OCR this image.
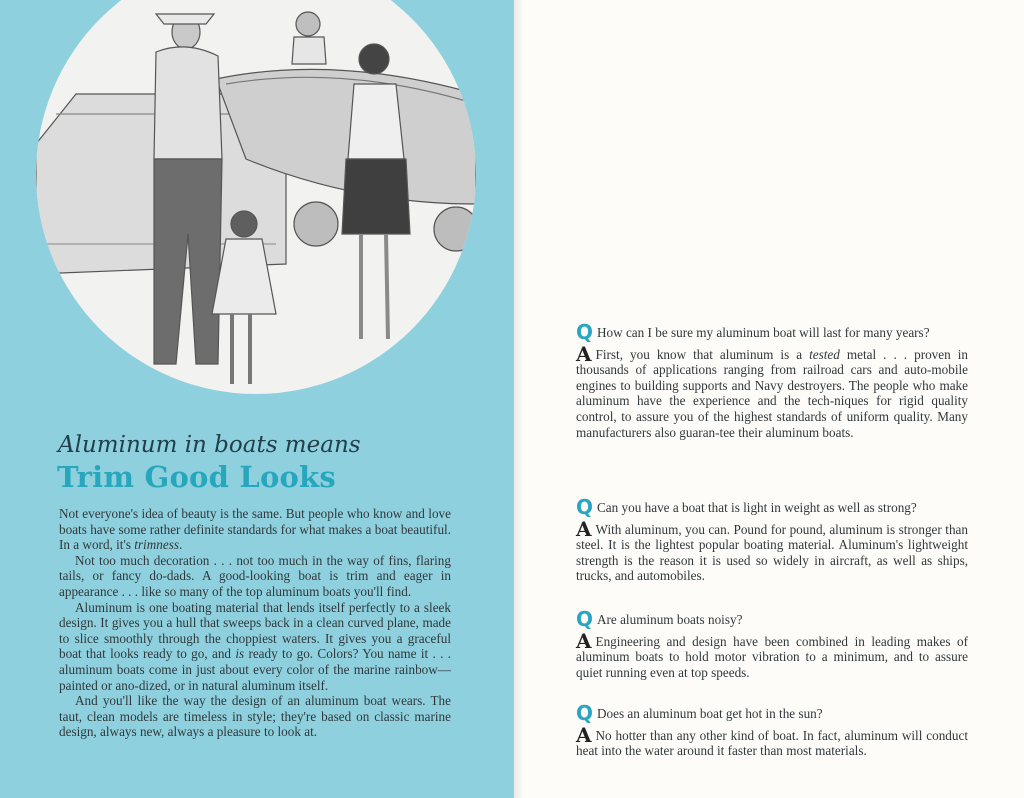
Aluminum in boats means
Trim Good Looks

Not everyone's idea of beauty is the same. But people who know and love boats have some rather definite standards for what makes a boat beautiful. In a word, it's trimness.

Not too much decoration . . . not too much in the way of fins, flaring tails, or fancy do-dads. A good-looking boat is trim and eager in appearance . . . like so many of the top aluminum boats you'll find.

Aluminum is one boating material that lends itself perfectly to a sleek design. It gives you a hull that sweeps back in a clean curved plane, made to slice smoothly through the choppiest waters. It gives you a graceful boat that looks ready to go, and is ready to go. Colors? You name it . . . aluminum boats come in just about every color of the marine rainbow—painted or ano-dized, or in natural aluminum itself.

And you'll like the way the design of an aluminum boat wears. The taut, clean models are timeless in style; they're based on classic marine design, always new, always a pleasure to look at.

Q How can I be sure my aluminum boat will last for many years?

A First, you know that aluminum is a tested metal . . . proven in thousands of applications ranging from railroad cars and auto-mobile engines to building supports and Navy destroyers. The people who make aluminum have the experience and the tech-niques for rigid quality control, to assure you of the highest standards of uniform quality. Many manufacturers also guaran-tee their aluminum boats.

Q Can you have a boat that is light in weight as well as strong?

A With aluminum, you can. Pound for pound, aluminum is stronger than steel. It is the lightest popular boating material. Aluminum's lightweight strength is the reason it is used so widely in aircraft, as well as ships, trucks, and automobiles.

Q Are aluminum boats noisy?

A Engineering and design have been combined in leading makes of aluminum boats to hold motor vibration to a minimum, and to assure quiet running even at top speeds.

Q Does an aluminum boat get hot in the sun?

A No hotter than any other kind of boat. In fact, aluminum will conduct heat into the water around it faster than most materials.
